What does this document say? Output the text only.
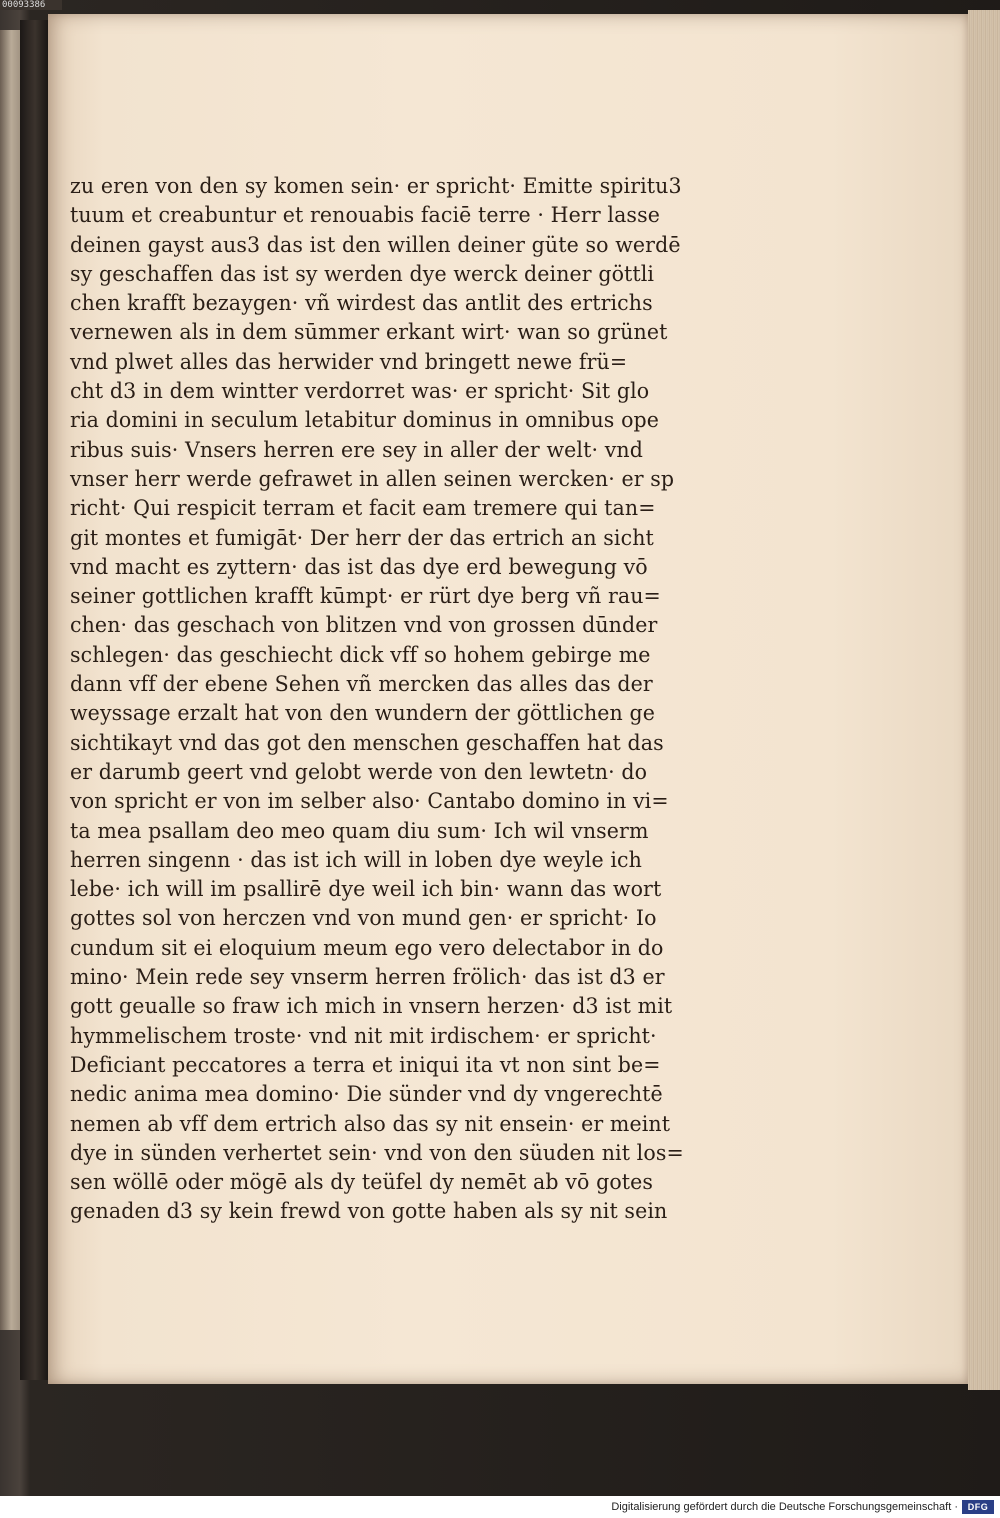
00093386
zu eren von den sy komen sein· er spricht· Emitte spiritu3
tuum et creabuntur et renouabis faciē terre · Herr lasse
deinen gayst aus3 das ist den willen deiner güte so werdē
sy geschaffen das ist sy werden dye werck deiner göttli
chen krafft bezaygen· vñ wirdest das antlit des ertrichs
vernewen als in dem sūmmer erkant wirt· wan so grünet
vnd plwet alles das herwider vnd bringett newe frü=
cht d3 in dem wintter verdorret was· er spricht· Sit glo
ria domini in seculum letabitur dominus in omnibus ope
ribus suis· Vnsers herren ere sey in aller der welt· vnd
vnser herr werde gefrawet in allen seinen wercken· er sp
richt· Qui respicit terram et facit eam tremere qui tan=
git montes et fumigāt· Der herr der das ertrich an sicht
vnd macht es zyttern· das ist das dye erd bewegung vō
seiner gottlichen krafft kūmpt· er rürt dye berg vñ rau=
chen· das geschach von blitzen vnd von grossen dūnder
schlegen· das geschiecht dick vff so hohem gebirge me
dann vff der ebene Sehen vñ mercken das alles das der
weyssage erzalt hat von den wundern der göttlichen ge
sichtikayt vnd das got den menschen geschaffen hat das
er darumb geert vnd gelobt werde von den lewtetn· do
von spricht er von im selber also· Cantabo domino in vi=
ta mea psallam deo meo quam diu sum· Ich wil vnserm
herren singenn · das ist ich will in loben dye weyle ich
lebe· ich will im psallirē dye weil ich bin· wann das wort
gottes sol von herczen vnd von mund gen· er spricht· Io
cundum sit ei eloquium meum ego vero delectabor in do
mino· Mein rede sey vnserm herren frölich· das ist d3 er
gott geualle so fraw ich mich in vnsern herzen· d3 ist mit
hymmelischem troste· vnd nit mit irdischem· er spricht·
Deficiant peccatores a terra et iniqui ita vt non sint be=
nedic anima mea domino· Die sünder vnd dy vngerechtē
nemen ab vff dem ertrich also das sy nit ensein· er meint
dye in sünden verhertet sein· vnd von den süuden nit los=
sen wöllē oder mögē als dy teüfel dy nemēt ab vō gotes
genaden d3 sy kein frewd von gotte haben als sy nit sein
Digitalisierung gefördert durch die Deutsche Forschungsgemeinschaft ·	DFG
